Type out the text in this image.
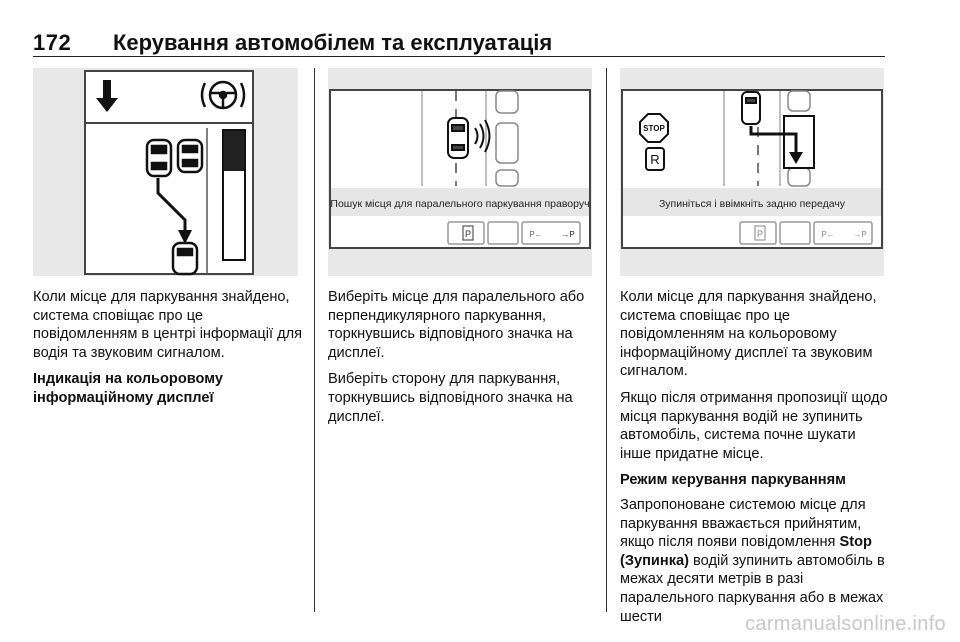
172 Керування автомобілем та експлуатація
Пошук місця для паралельного паркування праворуч
P	P← →P
STOP
R
Зупиніться і ввімкніть задню передачу
P	P← →P

Коли місце для паркування знайдено, система сповіщає про це повідомленням в центрі інформації для водія та звуковим сигналом.

Індикація на кольоровому інформаційному дисплеї

Виберіть місце для паралельного або перпендикулярного паркування, торкнувшись відповідного значка на дисплеї.

Виберіть сторону для паркування, торкнувшись відповідного значка на дисплеї.

Коли місце для паркування знайдено, система сповіщає про це повідомленням на кольоровому інформаційному дисплеї та звуковим сигналом.

Якщо після отримання пропозиції щодо місця паркування водій не зупинить автомобіль, система почне шукати інше придатне місце.

Режим керування паркуванням

Запропоноване системою місце для паркування вважається прийнятим, якщо після появи повідомлення Stop (Зупинка) водій зупинить автомобіль в межах десяти метрів в разі паралельного паркування або в межах шести	carmanualsonline.info
